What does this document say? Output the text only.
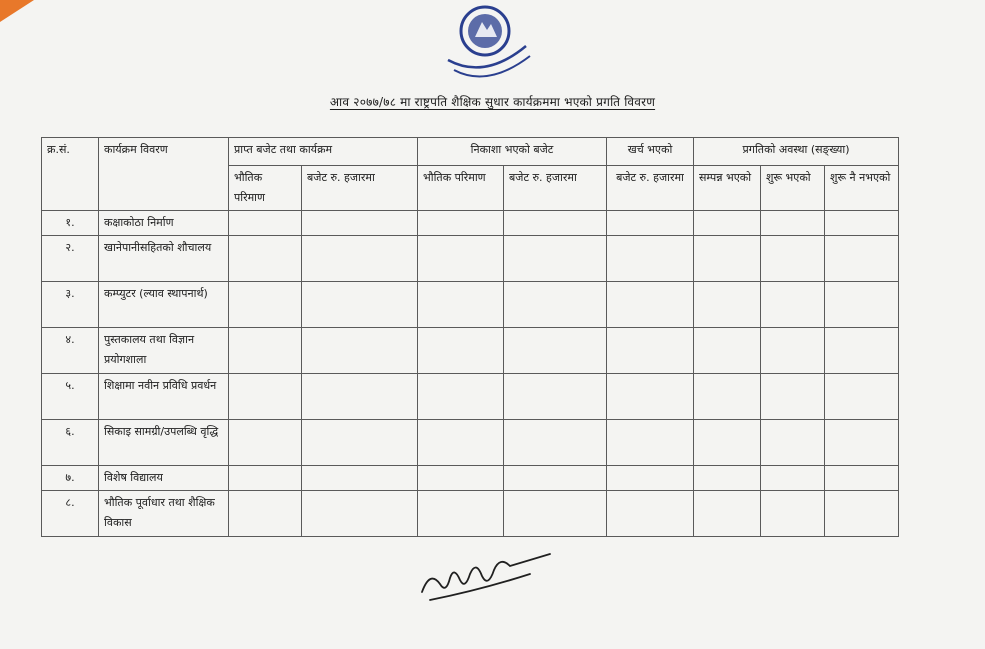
आव २०७७/७८ मा राष्ट्रपति शैक्षिक सुधार कार्यक्रममा भएको प्रगति विवरण
क्र.सं.	कार्यक्रम विवरण	प्राप्त बजेट तथा कार्यक्रम		निकाशा भएको बजेट		खर्च भएको	प्रगतिको अवस्था (सङ्ख्या)		
		भौतिक परिमाण	बजेट रु. हजारमा	भौतिक परिमाण	बजेट रु. हजारमा	बजेट रु. हजारमा	सम्पन्न भएको	शुरू भएको	शुरू नै नभएको
१.	कक्षाकोठा निर्माण								
२.	खानेपानीसहितको शौचालय								
३.	कम्प्युटर (ल्याव स्थापनार्थ)								
४.	पुस्तकालय तथा विज्ञान प्रयोगशाला								
५.	शिक्षामा नवीन प्रविधि प्रवर्धन								
६.	सिकाइ सामग्री/उपलब्धि वृद्धि								
७.	विशेष विद्यालय								
८.	भौतिक पूर्वाधार तथा शैक्षिक विकास								
